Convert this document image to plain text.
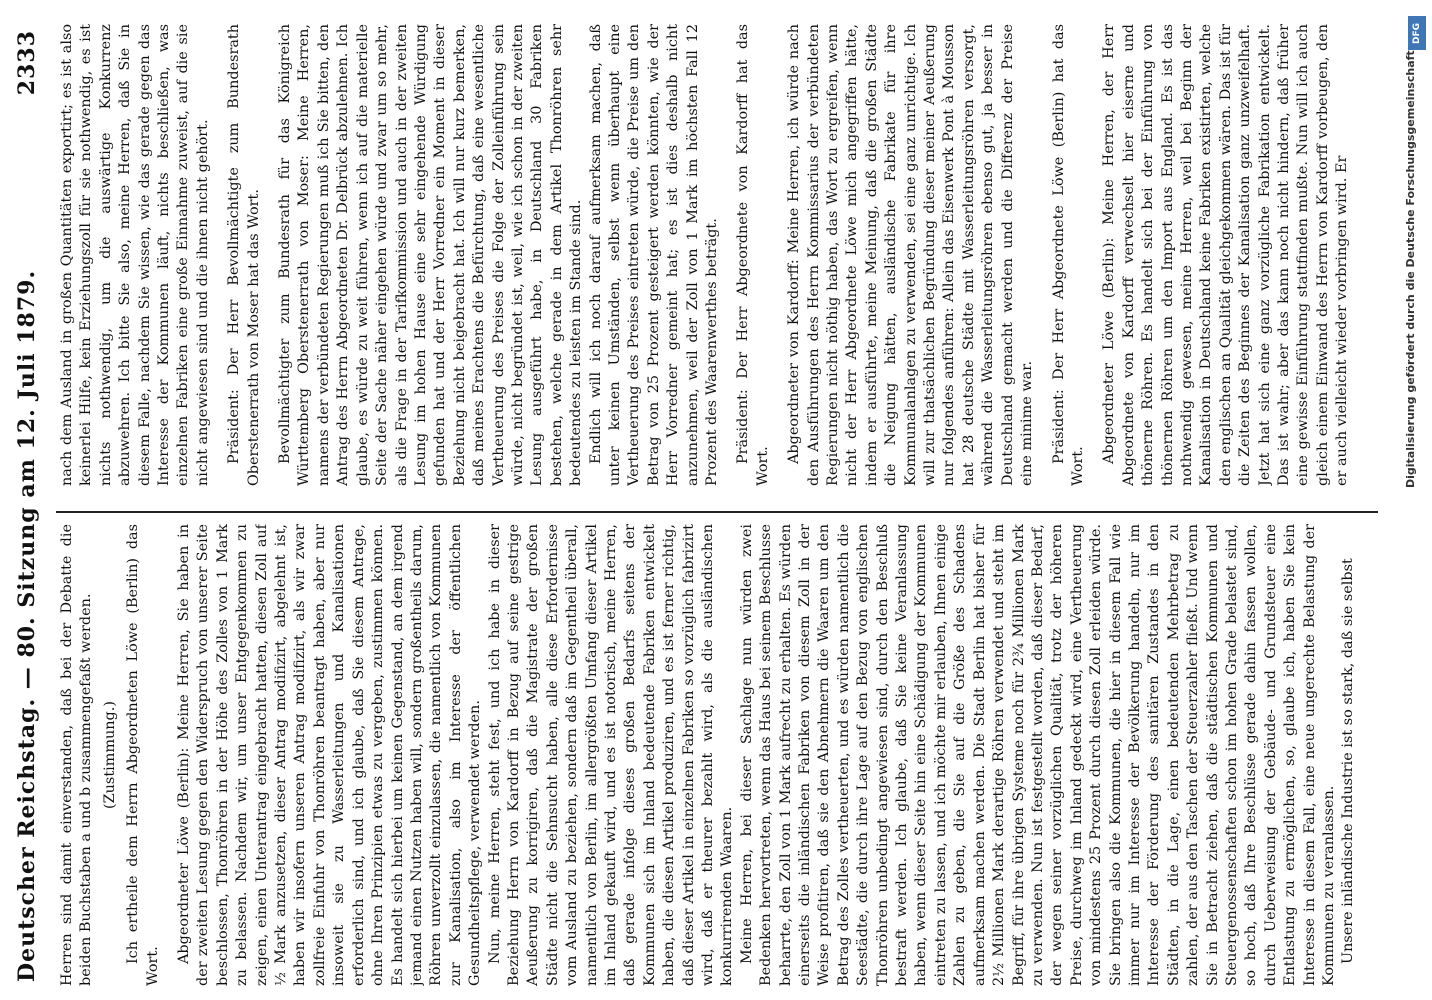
Deutscher Reichstag. — 80. Sitzung am 12. Juli 1879.
2333

Herren sind damit einverstanden, daß bei der Debatte die beiden Buchstaben a und b zusammengefaßt werden. (Zustimmung.) Ich ertheile dem Herrn Abgeordneten Löwe (Berlin) das Wort.

Abgeordneter Löwe (Berlin): Meine Herren, Sie haben in der zweiten Lesung gegen den Widerspruch von unserer Seite beschlossen, Thonröhren in der Höhe des Zolles von 1 Mark zu belassen. Nachdem wir, um unser Entgegenkommen zu zeigen, einen Unterantrag eingebracht hatten, diesen Zoll auf ½ Mark anzusetzen, dieser Antrag modifizirt, abgelehnt ist, haben wir insofern unseren Antrag modifizirt, als wir zwar zollfreie Einfuhr von Thonröhren beantragt haben, aber nur insoweit sie zu Wasserleitungen und Kanalisationen erforderlich sind, und ich glaube, daß Sie diesem Antrage, ohne Ihren Prinzipien etwas zu vergeben, zustimmen können. Es handelt sich hierbei um keinen Gegenstand, an dem irgend jemand einen Nutzen haben will, sondern großentheils darum, Röhren unverzollt einzulassen, die namentlich von Kommunen zur Kanalisation, also im Interesse der öffentlichen Gesundheitspflege, verwendet werden. Nun, meine Herren, steht fest, und ich habe in dieser Beziehung Herrn von Kardorff in Bezug auf seine gestrige Aeußerung zu korrigiren, daß die Magistrate der großen Städte nicht die Sehnsucht haben, alle diese Erfordernisse vom Ausland zu beziehen, sondern daß im Gegentheil überall, namentlich von Berlin, im allergrößten Umfang dieser Artikel im Inland gekauft wird, und es ist notorisch, meine Herren, daß gerade infolge dieses großen Bedarfs seitens der Kommunen sich im Inland bedeutende Fabriken entwickelt haben, die diesen Artikel produziren, und es ist ferner richtig, daß dieser Artikel in einzelnen Fabriken so vorzüglich fabrizirt wird, daß er theurer bezahlt wird, als die ausländischen konkurrirenden Waaren. Meine Herren, bei dieser Sachlage nun würden zwei Bedenken hervortreten, wenn das Haus bei seinem Beschlusse beharrte, den Zoll von 1 Mark aufrecht zu erhalten. Es würden einerseits die inländischen Fabriken von diesem Zoll in der Weise profitiren, daß sie den Abnehmern die Waaren um den Betrag des Zolles vertheuerten, und es würden namentlich die Seestädte, die durch ihre Lage auf den Bezug von englischen Thonröhren unbedingt angewiesen sind, durch den Beschluß bestraft werden. Ich glaube, daß Sie keine Veranlassung haben, wenn dieser Seite hin eine Schädigung der Kommunen eintreten zu lassen, und ich möchte mir erlauben, Ihnen einige Zahlen zu geben, die Sie auf die Größe des Schadens aufmerksam machen werden. Die Stadt Berlin hat bisher für 2½ Millionen Mark derartige Röhren verwendet und steht im Begriff, für ihre übrigen Systeme noch für 2¾ Millionen Mark zu verwenden. Nun ist festgestellt worden, daß dieser Bedarf, der wegen seiner vorzüglichen Qualität, trotz der höheren Preise, durchweg im Inland gedeckt wird, eine Vertheuerung von mindestens 25 Prozent durch diesen Zoll erleiden würde. Sie bringen also die Kommunen, die hier in diesem Fall wie immer nur im Interesse der Bevölkerung handeln, nur im Interesse der Förderung des sanitären Zustandes in den Städten, in die Lage, einen bedeutenden Mehrbetrag zu zahlen, der aus den Taschen der Steuerzahler fließt. Und wenn Sie in Betracht ziehen, daß die städtischen Kommunen und Steuergenossenschaften schon im hohen Grade belastet sind, so hoch, daß Ihre Beschlüsse gerade dahin fassen wollen, durch Ueberweisung der Gebäude- und Grundsteuer eine Entlastung zu ermöglichen, so, glaube ich, haben Sie kein Interesse in diesem Fall, eine neue ungerechte Belastung der Kommunen zu veranlassen. Unsere inländische Industrie ist so stark, daß sie selbst

nach dem Ausland in großen Quantitäten exportirt; es ist also keinerlei Hilfe, kein Erziehungszoll für sie nothwendig, es ist nichts nothwendig, um die auswärtige Konkurrenz abzuwehren. Ich bitte Sie also, meine Herren, daß Sie in diesem Falle, nachdem Sie wissen, wie das gerade gegen das Interesse der Kommunen läuft, nichts beschließen, was einzelnen Fabriken eine große Einnahme zuweist, auf die sie nicht angewiesen sind und die ihnen nicht gehört. Präsident: Der Herr Bevollmächtigte zum Bundesrath Oberstenerrath von Moser hat das Wort. Bevollmächtigter zum Bundesrath für das Königreich Württemberg Oberstenerrath von Moser: Meine Herren, namens der verbündeten Regierungen muß ich Sie bitten, den Antrag des Herrn Abgeordneten Dr. Delbrück abzulehnen. Ich glaube, es würde zu weit führen, wenn ich auf die materielle Seite der Sache näher eingehen würde und zwar um so mehr, als die Frage in der Tarifkommission und auch in der zweiten Lesung im hohen Hause eine sehr eingehende Würdigung gefunden hat und der Herr Vorredner ein Moment in dieser Beziehung nicht beigebracht hat. Ich will nur kurz bemerken, daß meines Erachtens die Befürchtung, daß eine wesentliche Vertheuerung des Preises die Folge der Zolleinführung sein würde, nicht begründet ist, weil, wie ich schon in der zweiten Lesung ausgeführt habe, in Deutschland 30 Fabriken bestehen, welche gerade in dem Artikel Thonröhren sehr bedeutendes zu leisten im Stande sind. Endlich will ich noch darauf aufmerksam machen, daß unter keinen Umständen, selbst wenn überhaupt eine Vertheuerung des Preises eintreten würde, die Preise um den Betrag von 25 Prozent gesteigert werden könnten, wie der Herr Vorredner gemeint hat; es ist dies deshalb nicht anzunehmen, weil der Zoll von 1 Mark im höchsten Fall 12 Prozent des Waarenwerthes beträgt. Präsident: Der Herr Abgeordnete von Kardorff hat das Wort.

Abgeordneter von Kardorff: Meine Herren, ich würde nach den Ausführungen des Herrn Kommissarius der verbündeten Regierungen nicht nöthig haben, das Wort zu ergreifen, wenn nicht der Herr Abgeordnete Löwe mich angegriffen hätte, indem er ausführte, meine Meinung, daß die großen Städte die Neigung hätten, ausländische Fabrikate für ihre Kommunalanlagen zu verwenden, sei eine ganz unrichtige. Ich will zur thatsächlichen Begründung dieser meiner Aeußerung nur folgendes anführen: Allein das Eisenwerk Pont à Mousson hat 28 deutsche Städte mit Wasserleitungsröhren versorgt, während die Wasserleitungsröhren ebenso gut, ja besser in Deutschland gemacht werden und die Differenz der Preise eine minime war. Präsident: Der Herr Abgeordnete Löwe (Berlin) hat das Wort.

Abgeordneter Löwe (Berlin): Meine Herren, der Herr Abgeordnete von Kardorff verwechselt hier eiserne und thönerne Röhren. Es handelt sich bei der Einführung von thönernen Röhren um den Import aus England. Es ist das nothwendig gewesen, meine Herren, weil bei Beginn der Kanalisation in Deutschland keine Fabriken existirten, welche den englischen an Qualität gleichgekommen wären. Das ist für die Zeiten des Beginnes der Kanalisation ganz unzweifelhaft. Jetzt hat sich eine ganz vorzügliche Fabrikation entwickelt. Das ist wahr; aber das kann noch nicht hindern, daß früher eine gewisse Einführung stattfinden mußte. Nun will ich auch gleich einem Einwand des Herrn von Kardorff vorbeugen, den er auch vielleicht wieder vorbringen wird. Er

DFG
Digitalisierung gefördert durch die Deutsche Forschungsgemeinschaft
